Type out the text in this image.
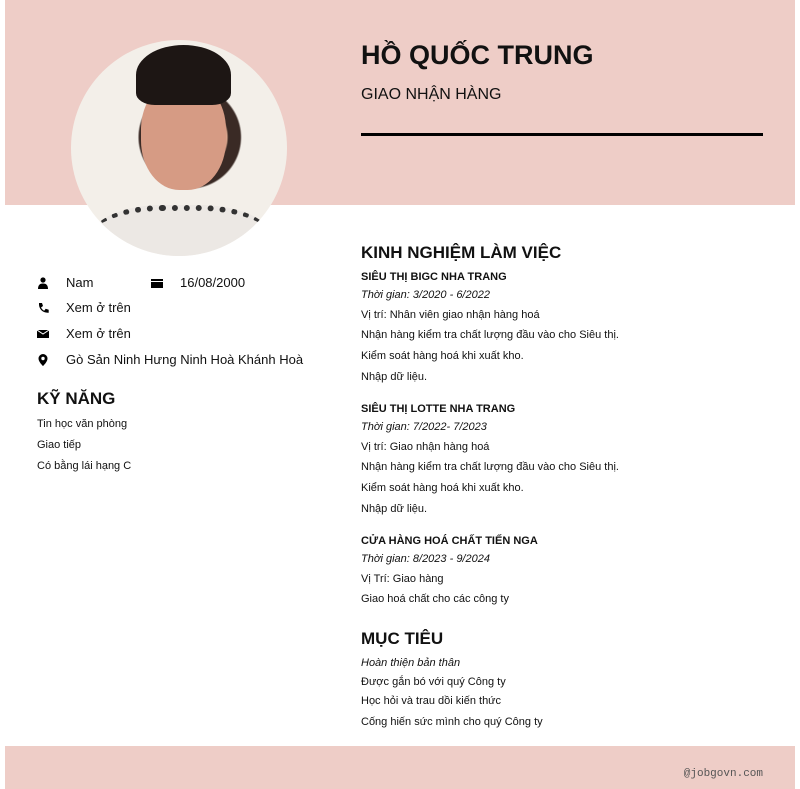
HỒ QUỐC TRUNG
GIAO NHẬN HÀNG
Nam	16/08/2000
Xem ở trên
Xem ở trên
Gò Sản Ninh Hưng Ninh Hoà Khánh Hoà
KỸ NĂNG
Tin học văn phòng
Giao tiếp
Có bằng lái hạng C
KINH NGHIỆM LÀM VIỆC
SIÊU THỊ BIGC NHA TRANG
Thời gian: 3/2020 - 6/2022
Vị trí: Nhân viên giao nhận hàng hoá
Nhận hàng kiểm tra chất lượng đầu vào cho Siêu thị.
Kiểm soát hàng hoá khi xuất kho.
Nhập dữ liệu.
SIÊU THỊ LOTTE NHA TRANG
Thời gian: 7/2022- 7/2023
Vị trí: Giao nhận hàng hoá
Nhận hàng kiểm tra chất lượng đầu vào cho Siêu thị.
Kiểm soát hàng hoá khi xuất kho.
Nhập dữ liệu.
CỬA HÀNG HOÁ CHẤT TIẾN NGA
Thời gian: 8/2023 - 9/2024
Vị Trí: Giao hàng
Giao hoá chất cho các công ty
MỤC TIÊU
Hoàn thiện bản thân
Được gắn bó với quý Công ty
Học hỏi và trau dồi kiến thức
Cống hiến sức mình cho quý Công ty
@jobgovn.com
